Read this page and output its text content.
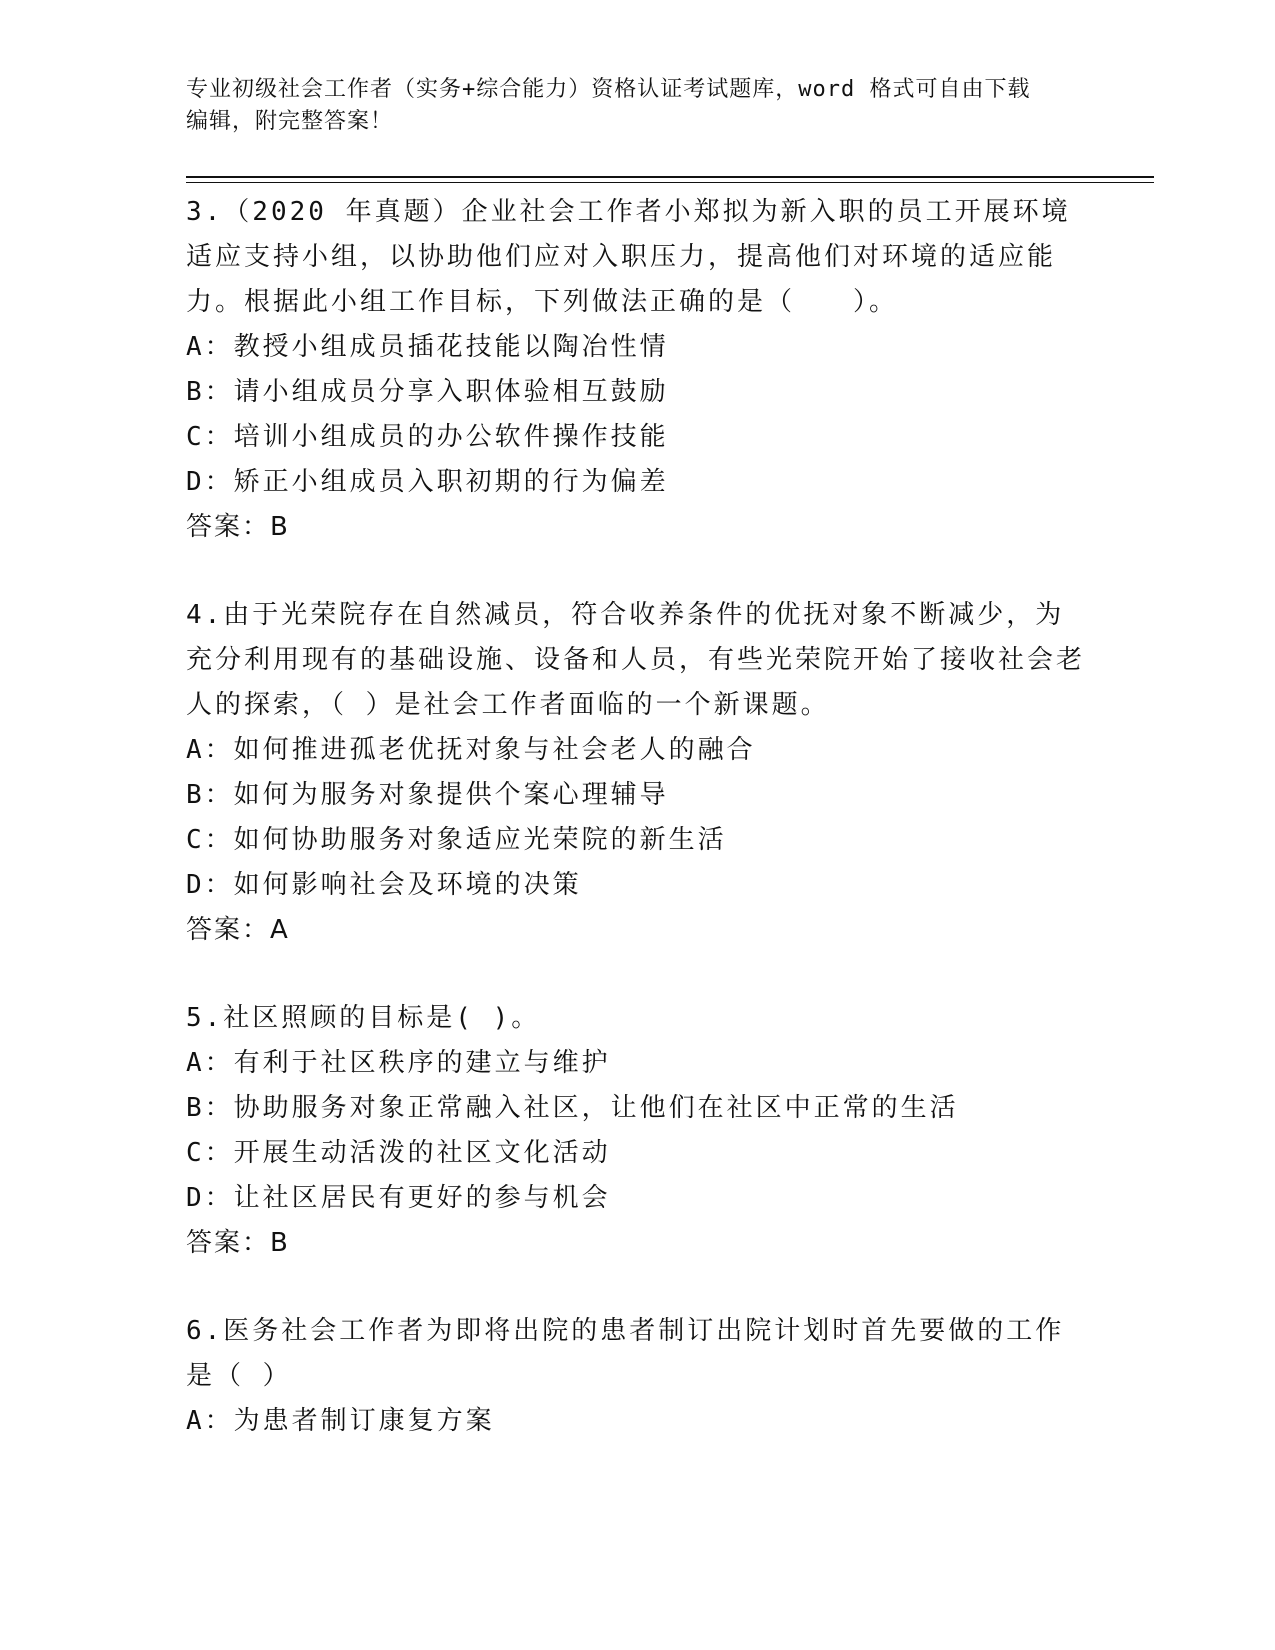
专业初级社会工作者（实务+综合能力）资格认证考试题库，word 格式可自由下载
编辑，附完整答案！
3.（2020 年真题）企业社会工作者小郑拟为新入职的员工开展环境适应支持小组，以协助他们应对入职压力，提高他们对环境的适应能力。根据此小组工作目标，下列做法正确的是（　　）。
A：教授小组成员插花技能以陶冶性情
B：请小组成员分享入职体验相互鼓励
C：培训小组成员的办公软件操作技能
D：矫正小组成员入职初期的行为偏差
答案：B
4.由于光荣院存在自然减员，符合收养条件的优抚对象不断减少，为充分利用现有的基础设施、设备和人员，有些光荣院开始了接收社会老人的探索，（ ）是社会工作者面临的一个新课题。
A：如何推进孤老优抚对象与社会老人的融合
B：如何为服务对象提供个案心理辅导
C：如何协助服务对象适应光荣院的新生活
D：如何影响社会及环境的决策
答案：A
5.社区照顾的目标是( )。
A：有利于社区秩序的建立与维护
B：协助服务对象正常融入社区，让他们在社区中正常的生活
C：开展生动活泼的社区文化活动
D：让社区居民有更好的参与机会
答案：B
6.医务社会工作者为即将出院的患者制订出院计划时首先要做的工作是（ ）
A：为患者制订康复方案
